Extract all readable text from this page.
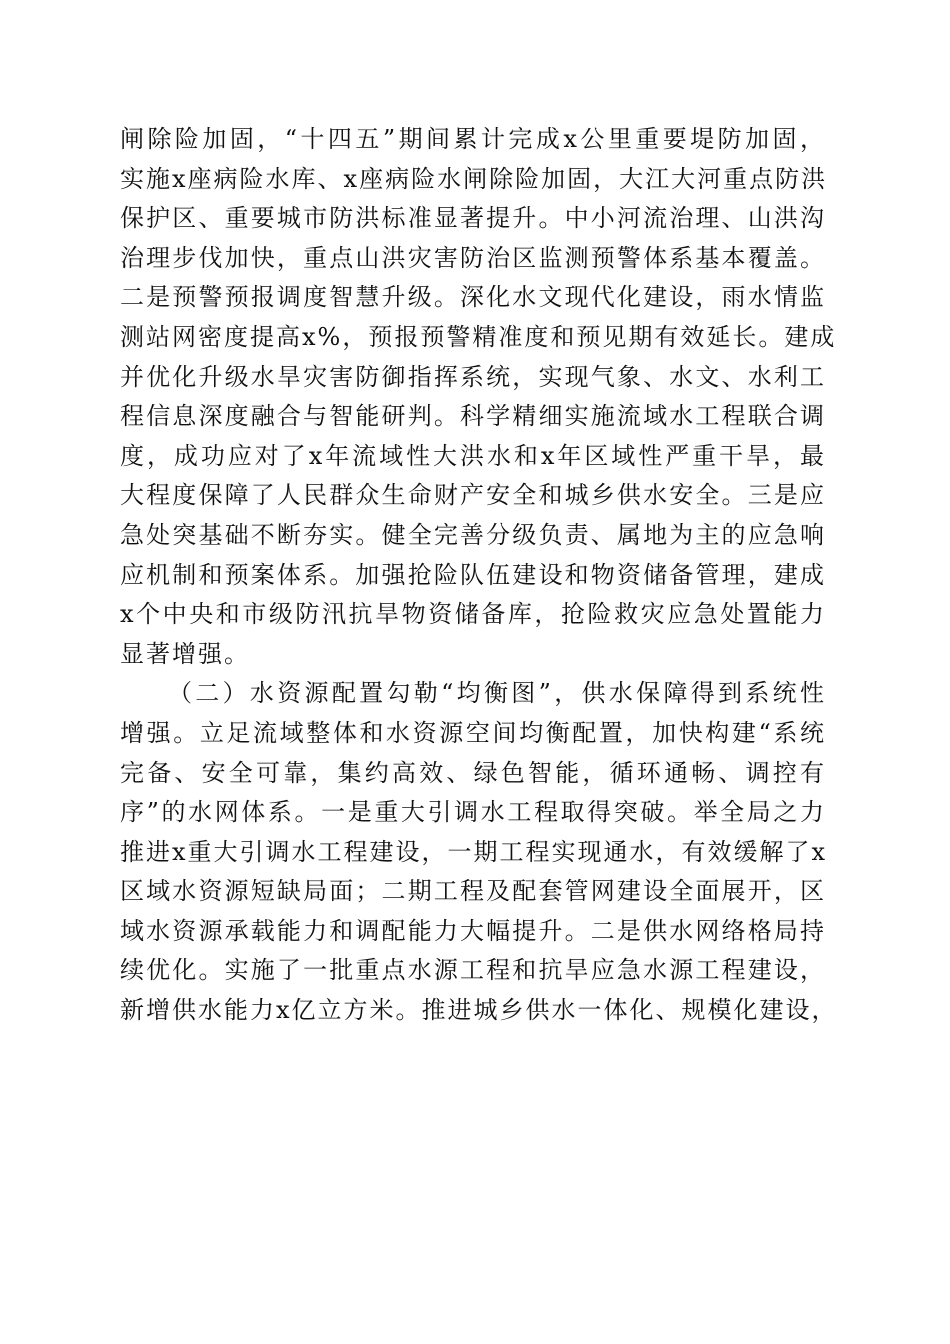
闸除险加固，“十四五”期间累计完成x公里重要堤防加固，
实施x座病险水库、x座病险水闸除险加固，大江大河重点防洪
保护区、重要城市防洪标准显著提升。中小河流治理、山洪沟
治理步伐加快，重点山洪灾害防治区监测预警体系基本覆盖。
二是预警预报调度智慧升级。深化水文现代化建设，雨水情监
测站网密度提高x%，预报预警精准度和预见期有效延长。建成
并优化升级水旱灾害防御指挥系统，实现气象、水文、水利工
程信息深度融合与智能研判。科学精细实施流域水工程联合调
度，成功应对了x年流域性大洪水和x年区域性严重干旱，最
大程度保障了人民群众生命财产安全和城乡供水安全。三是应
急处突基础不断夯实。健全完善分级负责、属地为主的应急响
应机制和预案体系。加强抢险队伍建设和物资储备管理，建成
x个中央和市级防汛抗旱物资储备库，抢险救灾应急处置能力
显著增强。
（二）水资源配置勾勒“均衡图”，供水保障得到系统性
增强。立足流域整体和水资源空间均衡配置，加快构建“系统
完备、安全可靠，集约高效、绿色智能，循环通畅、调控有
序”的水网体系。一是重大引调水工程取得突破。举全局之力
推进x重大引调水工程建设，一期工程实现通水，有效缓解了x
区域水资源短缺局面；二期工程及配套管网建设全面展开，区
域水资源承载能力和调配能力大幅提升。二是供水网络格局持
续优化。实施了一批重点水源工程和抗旱应急水源工程建设，
新增供水能力x亿立方米。推进城乡供水一体化、规模化建设，
